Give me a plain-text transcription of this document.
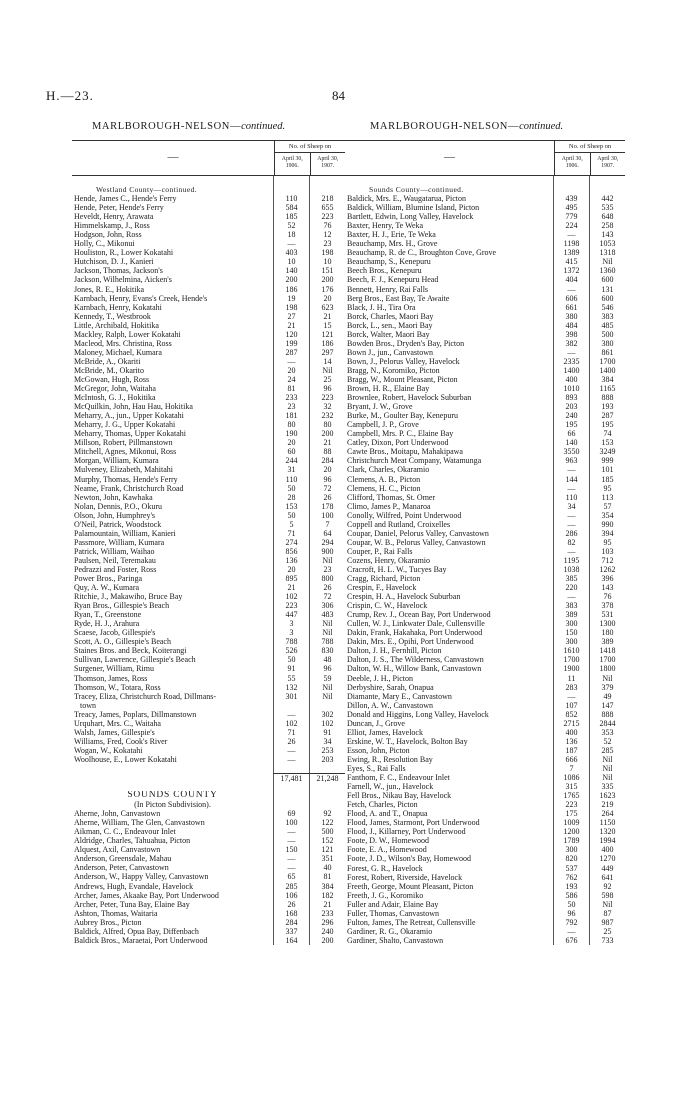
H.—23.	84
MARLBOROUGH-NELSON—continued.	MARLBOROUGH-NELSON—continued.
—
No. of Sheep on
April 30, 1906.
April 30, 1907.
Westland County—continued.
Hende, James C., Hende's Ferry	110	218
Hende, Peter, Hende's Ferry	584	655
Heveldt, Henry, Arawata	185	223
Himmelskamp, J., Ross	52	76
Hodgson, John, Ross	18	12
Holly, C., Mikonui	—	23
Houliston, R., Lower Kokatahi	403	198
Hutchison, D. J., Kanieri	10	10
Jackson, Thomas, Jackson's	140	151
Jackson, Wilhelmina, Aicken's	200	200
Jones, R. E., Hokitika	186	176
Karnbach, Henry, Evans's Creek, Hende's	19	20
Karnbach, Henry, Kokatahi	198	623
Kennedy, T., Westbrook	27	21
Little, Archibald, Hokitika	21	15
Mackley, Ralph, Lower Kokatahi	120	121
Macleod, Mrs. Christina, Ross	199	186
Maloney, Michael, Kumara	287	297
McBride, A., Okariti	—	14
McBride, M., Okarito	20	Nil
McGowan, Hugh, Ross	24	25
McGregor, John, Waitaha	81	96
McIntosh, G. J., Hokitika	233	223
McQuilkin, John, Hau Hau, Hokitika	23	32
Meharry, A., jun., Upper Kokatahi	181	232
Meharry, J. G., Upper Kokatahi	80	80
Meharry, Thomas, Upper Kokatahi	190	200
Millson, Robert, Pillmanstown	20	21
Mitchell, Agnes, Mikonui, Ross	60	88
Morgan, William, Kumara	244	284
Mulveney, Elizabeth, Mahitahi	31	20
Murphy, Thomas, Hende's Ferry	110	96
Neame, Frank, Christchurch Road	50	72
Newton, John, Kawhaka	28	26
Nolan, Dennis, P.O., Okuru	153	178
Olson, John, Humphrey's	50	100
O'Neil, Patrick, Woodstock	5	7
Palamountain, William, Kanieri	71	64
Passmore, William, Kumara	274	294
Patrick, William, Waihao	856	900
Paulsen, Neil, Teremakau	136	Nil
Pedrazzi and Foster, Ross	20	23
Power Bros., Paringa	895	800
Quy, A. W., Kumara	21	26
Ritchie, J., Makawiho, Bruce Bay	102	72
Ryan Bros., Gillespie's Beach	223	306
Ryan, T., Greenstone	447	483
Ryde, H. J., Arahura	3	Nil
Scaese, Jacob, Gillespie's	3	Nil
Scott, A. O., Gillespie's Beach	788	788
Staines Bros. and Beck, Koiterangi	526	830
Sullivan, Lawrence, Gillespie's Beach	50	48
Surgener, William, Rimu	91	96
Thomson, James, Ross	55	59
Thomson, W., Totara, Ross	132	Nil
Tracey, Eliza, Christchurch Road, Dillmans-	301	Nil
town
Treacy, James, Poplars, Dillmanstown	—	302
Urquhart, Mrs. C., Waitaha	102	102
Walsh, James, Gillespie's	71	91
Williams, Fred, Cook's River	26	34
Wogan, W., Kokatahi	—	253
Woolhouse, E., Lower Kokatahi	—	203
17,481	21,248
SOUNDS COUNTY
(In Picton Subdivision).
Aherne, John, Canvastown	69	92
Aherne, William, The Glen, Canvastown	100	122
Aikman, C. C., Endeavour Inlet	—	500
Aldridge, Charles, Tahuahua, Picton	—	152
Alquest, Axil, Canvastown	150	121
Anderson, Greensdale, Mahau	—	351
Anderson, Peter, Canvastown	—	40
Anderson, W., Happy Valley, Canvastown	65	81
Andrews, Hugh, Evandale, Havelock	285	384
Archer, James, Akaake Bay, Port Underwood	106	182
Archer, Peter, Tuna Bay, Elaine Bay	26	21
Ashton, Thomas, Waitaria	168	233
Aubrey Bros., Picton	284	296
Baldick, Alfred, Opua Bay, Diffenbach	337	240
Baldick Bros., Maraetai, Port Underwood	164	200
—
No. of Sheep on
April 30, 1906.
April 30, 1907.
Sounds County—continued.
Baldick, Mrs. E., Waugatarua, Picton	439	442
Baldick, William, Blumine Island, Picton	495	535
Bartlett, Edwin, Long Valley, Havelock	779	648
Baxter, Henry, Te Weka	224	258
Baxter, H. J., Erie, Te Weka	—	143
Beauchamp, Mrs. H., Grove	1198	1053
Beauchamp, R. de C., Broughton Cove, Grove	1389	1318
Beauchamp, S., Kenepuru	415	Nil
Beech Bros., Kenepuru	1372	1360
Beech, F. J., Kenepuru Head	404	600
Bennett, Henry, Rai Falls	—	131
Berg Bros., East Bay, Te Awaite	606	600
Black, J. H., Tira Ora	661	546
Borck, Charles, Maori Bay	380	383
Borck, L., sen., Maori Bay	484	485
Borck, Walter, Maori Bay	398	500
Bowden Bros., Dryden's Bay, Picton	382	380
Bown J., jun., Canvastown	—	861
Bown, J., Pelorus Valley, Havelock	2335	1700
Bragg, N., Koromiko, Picton	1400	1400
Bragg, W., Mount Pleasant, Picton	400	384
Brown, H. R., Elaine Bay	1010	1165
Brownlee, Robert, Havelock Suburban	893	888
Bryant, J. W., Grove	203	193
Burke, M., Goulter Bay, Kenepuru	240	287
Campbell, J. P., Grove	195	195
Campbell, Mrs. P. C., Elaine Bay	66	74
Catley, Dixon, Port Underwood	140	153
Cawte Bros., Moitapu, Mahakipawa	3550	3249
Christchurch Meat Company, Watamunga	963	999
Clark, Charles, Okaramio	—	101
Clemens, A. B., Picton	144	185
Clemens, H. C., Picton	—	95
Clifford, Thomas, St. Omer	110	113
Climo, James P., Manaroa	34	57
Conolly, Wilfred, Point Underwood	—	354
Coppell and Rutland, Croixelles	—	990
Coupar, Daniel, Pelorus Valley, Canvastown	286	394
Coupar, W. B., Pelorus Valley, Canvastown	82	95
Couper, P., Rai Falls	—	103
Cozens, Henry, Okaramio	1195	712
Cracroft, H. L. W., Tucyes Bay	1038	1262
Cragg, Richard, Picton	385	396
Crespin, F., Havelock	220	143
Crespin, H. A., Havelock Suburban	—	76
Crispin, C. W., Havelock	383	378
Crump, Rev. J., Ocean Bay, Port Underwood	389	531
Cullen, W. J., Linkwater Dale, Cullensville	300	1300
Dakin, Frank, Hakahaka, Port Underwood	150	180
Dakin, Mrs. E., Opihi, Port Underwood	300	389
Dalton, J. H., Fernhill, Picton	1610	1418
Dalton, J. S., The Wilderness, Canvastown	1700	1700
Dalton, W. H., Willow Bank, Canvastown	1900	1800
Deeble, J. H., Picton	11	Nil
Derbyshire, Sarah, Onapua	283	379
Diamante, Mary E., Canvastown	—	49
Dillon, A. W., Canvastown	107	147
Donald and Higgins, Long Valley, Havelock	852	888
Duncan, J., Grove	2715	2844
Elliot, James, Havelock	400	353
Erskine, W. T., Havelock, Bolton Bay	136	52
Esson, John, Picton	187	285
Ewing, R., Resolution Bay	666	Nil
Eyes, S., Rai Falls	7	Nil
Fanthom, F. C., Endeavour Inlet	1086	Nil
Farnell, W., jun., Havelock	315	335
Fell Bros., Nikau Bay, Havelock	1765	1623
Fetch, Charles, Picton	223	219
Flood, A. and T., Onapua	175	264
Flood, James, Starmont, Port Underwood	1009	1150
Flood, J., Killarney, Port Underwood	1200	1320
Foote, D. W., Homewood	1789	1994
Foote, E. A., Homewood	300	400
Foote, J. D., Wilson's Bay, Homewood	820	1270
Forest, G. R., Havelock	537	449
Forest, Robert, Riverside, Havelock	762	641
Freeth, George, Mount Pleasant, Picton	193	92
Freeth, J. G., Koromiko	586	598
Fuller and Adair, Elaine Bay	50	Nil
Fuller, Thomas, Canvastown	96	87
Fulton, James, The Retreat, Cullensville	792	987
Gardiner, R. G., Okaramio	—	25
Gardiner, Shalto, Canvastown	676	733
